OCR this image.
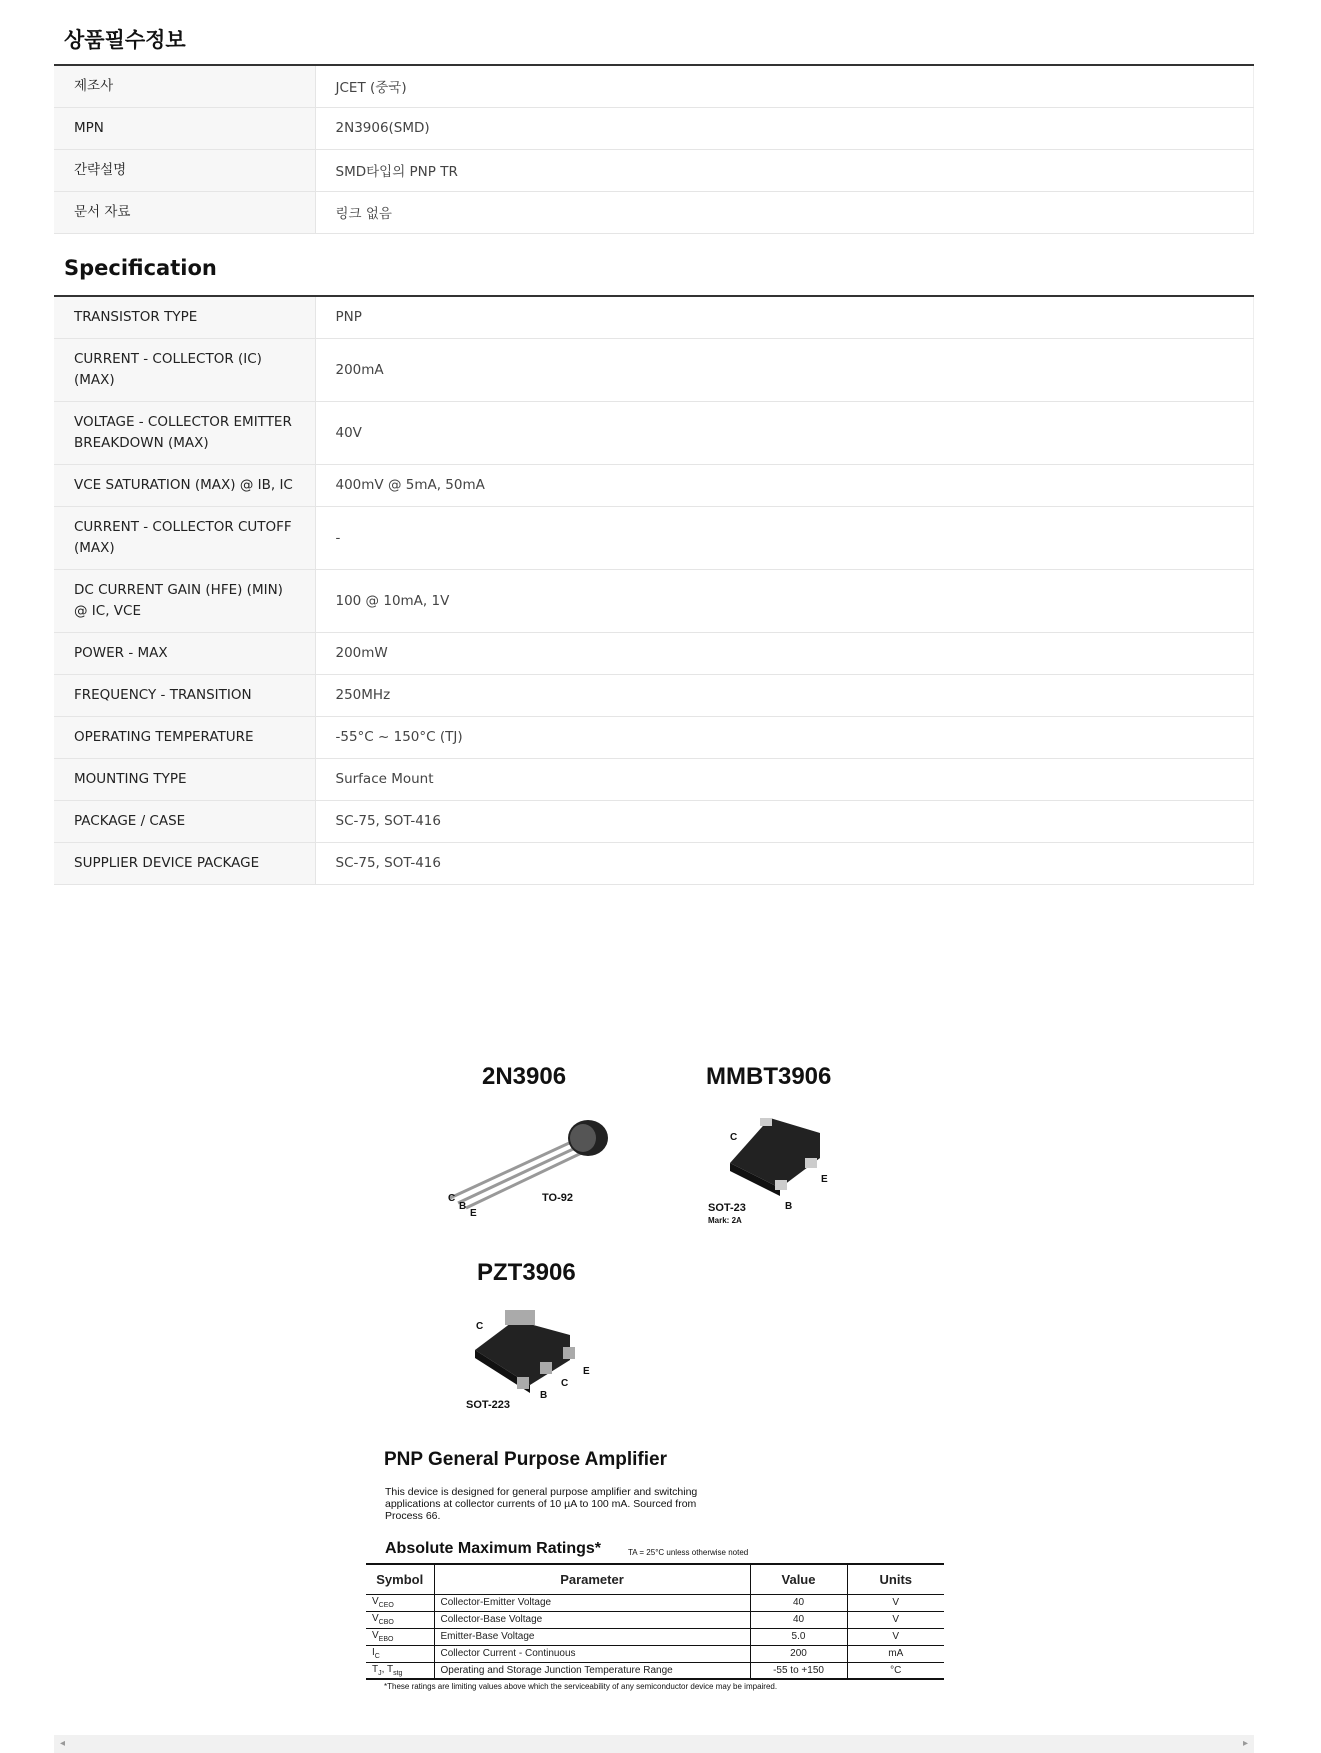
상품필수정보
제조사	JCET (중국)
MPN	2N3906(SMD)
간략설명	SMD타입의 PNP TR
문서 자료	링크 없음
Specification
TRANSISTOR TYPE	PNP
CURRENT - COLLECTOR (IC) (MAX)	200mA
VOLTAGE - COLLECTOR EMITTER BREAKDOWN (MAX)	40V
VCE SATURATION (MAX) @ IB, IC	400mV @ 5mA, 50mA
CURRENT - COLLECTOR CUTOFF (MAX)	-
DC CURRENT GAIN (HFE) (MIN) @ IC, VCE	100 @ 10mA, 1V
POWER - MAX	200mW
FREQUENCY - TRANSITION	250MHz
OPERATING TEMPERATURE	-55°C ~ 150°C (TJ)
MOUNTING TYPE	Surface Mount
PACKAGE / CASE	SC-75, SOT-416
SUPPLIER DEVICE PACKAGE	SC-75, SOT-416
2N3906
C
B
E
TO-92
MMBT3906
C
E
B
SOT-23
Mark: 2A
PZT3906
C
E
C
B
SOT-223
PNP General Purpose Amplifier
This device is designed for general purpose amplifier and switching applications at collector currents of 10 µA to 100 mA. Sourced from Process 66.
Absolute Maximum Ratings*	TA = 25°C unless otherwise noted
Symbol	Parameter	Value	Units
$V_{CEO}$	Collector-Emitter Voltage	40	V
$V_{CBO}$	Collector-Base Voltage	40	V
$V_{EBO}$	Emitter-Base Voltage	5.0	V
$I_C$	Collector Current - Continuous	200	mA
$T_J$, $T_{stg}$	Operating and Storage Junction Temperature Range	-55 to +150	°C
*These ratings are limiting values above which the serviceability of any semiconductor device may be impaired.
◂	▸
